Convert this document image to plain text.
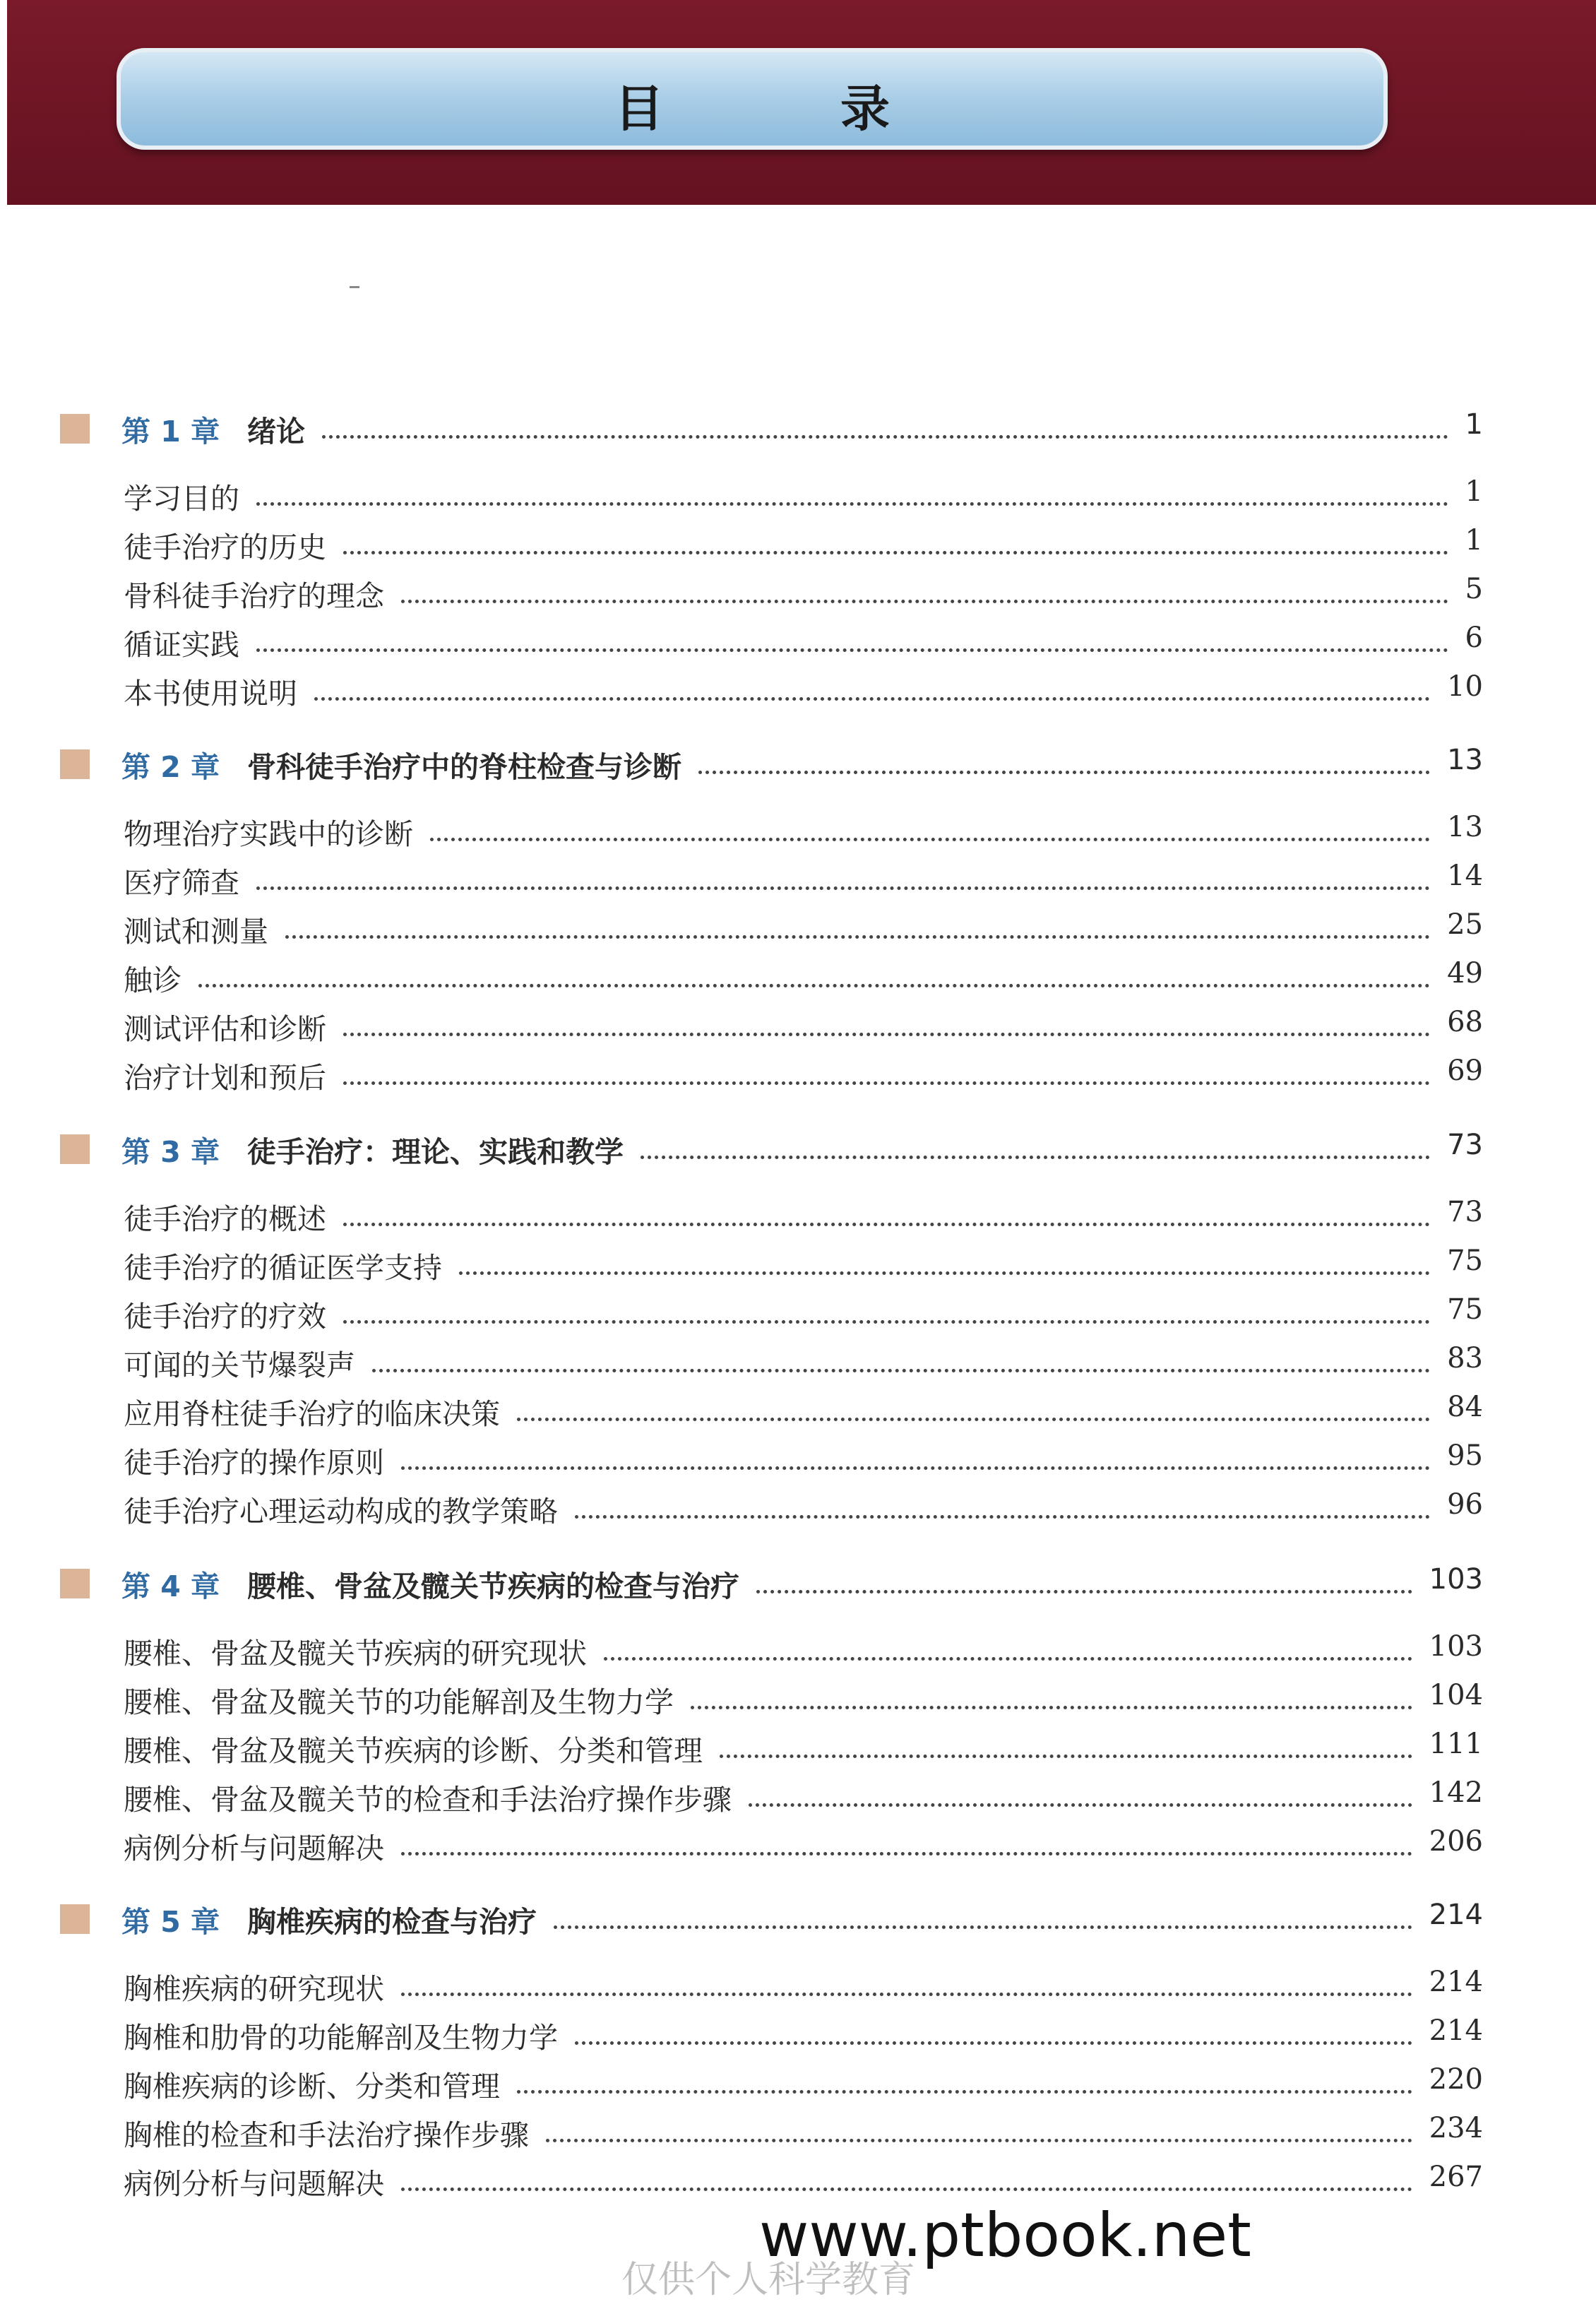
目　录
第 1 章 绪论	1
学习目的	1
徒手治疗的历史	1
骨科徒手治疗的理念	5
循证实践	6
本书使用说明	10
第 2 章 骨科徒手治疗中的脊柱检查与诊断	13
物理治疗实践中的诊断	13
医疗筛查	14
测试和测量	25
触诊	49
测试评估和诊断	68
治疗计划和预后	69
第 3 章 徒手治疗：理论、实践和教学	73
徒手治疗的概述	73
徒手治疗的循证医学支持	75
徒手治疗的疗效	75
可闻的关节爆裂声	83
应用脊柱徒手治疗的临床决策	84
徒手治疗的操作原则	95
徒手治疗心理运动构成的教学策略	96
第 4 章 腰椎、骨盆及髋关节疾病的检查与治疗	103
腰椎、骨盆及髋关节疾病的研究现状	103
腰椎、骨盆及髋关节的功能解剖及生物力学	104
腰椎、骨盆及髋关节疾病的诊断、分类和管理	111
腰椎、骨盆及髋关节的检查和手法治疗操作步骤	142
病例分析与问题解决	206
第 5 章 胸椎疾病的检查与治疗	214
胸椎疾病的研究现状	214
胸椎和肋骨的功能解剖及生物力学	214
胸椎疾病的诊断、分类和管理	220
胸椎的检查和手法治疗操作步骤	234
病例分析与问题解决	267
www.ptbook.net
仅供个人科学教育
